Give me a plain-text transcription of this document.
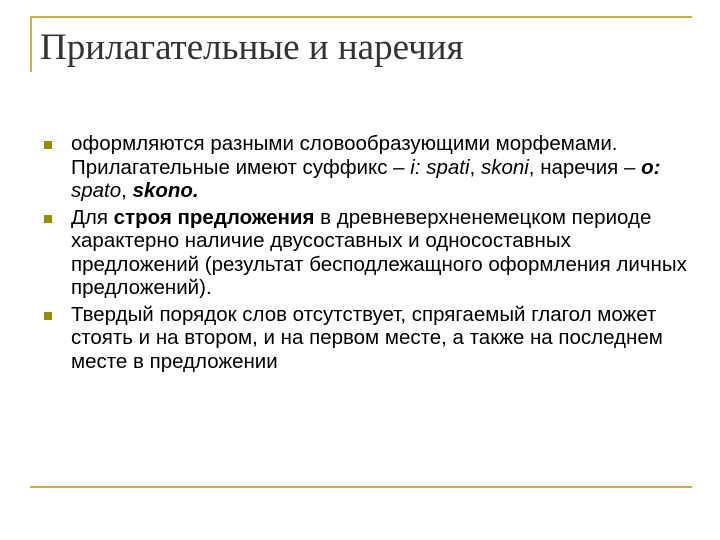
Прилагательные и наречия
оформляются разными словообразующими морфемами. Прилагательные имеют суффикс – i: spati, skoni, наречия – o: spato, skono.
Для строя предложения в древневерхненемецком периоде характерно наличие двусоставных и односоставных предложений (результат бесподлежащного оформления личных предложений).
Твердый порядок слов отсутствует, спрягаемый глагол может стоять и на втором, и на первом месте, а также на последнем месте в предложении
